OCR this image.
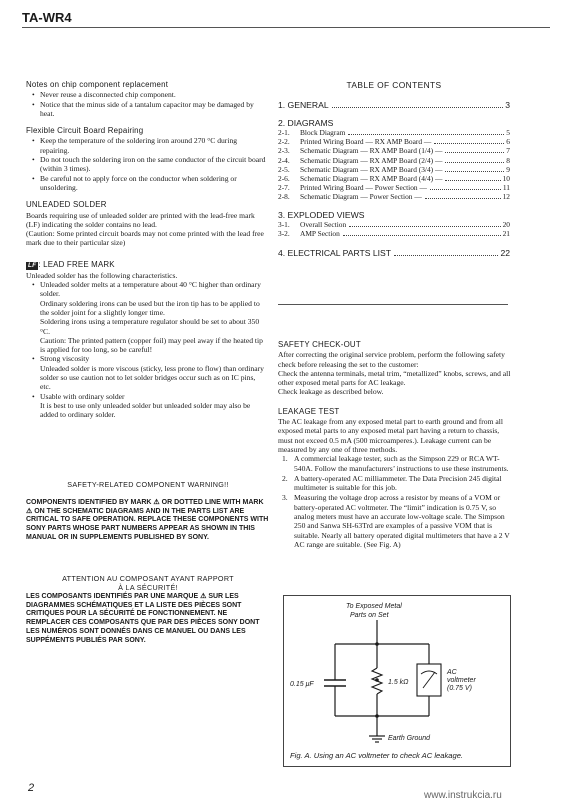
TA-WR4
Notes on chip component replacement
• Never reuse a disconnected chip component.
• Notice that the minus side of a tantalum capacitor may be damaged by heat.
Flexible Circuit Board Repairing
• Keep the temperature of the soldering iron around 270 °C during repairing.
• Do not touch the soldering iron on the same conductor of the circuit board (within 3 times).
• Be careful not to apply force on the conductor when soldering or unsoldering.
UNLEADED SOLDER

Boards requiring use of unleaded solder are printed with the lead-free mark (LF) indicating the solder contains no lead.

(Caution: Some printed circuit boards may not come printed with the lead free mark due to their particular size)

LF : LEAD FREE MARK

Unleaded solder has the following characteristics.

• Unleaded solder melts at a temperature about 40 °C higher than ordinary solder.
Ordinary soldering irons can be used but the iron tip has to be applied to the solder joint for a slightly longer time.
Soldering irons using a temperature regulator should be set to about 350 °C.
Caution: The printed pattern (copper foil) may peel away if the heated tip is applied for too long, so be careful!
• Strong viscosity
Unleaded solder is more viscous (sticky, less prone to flow) than ordinary solder so use caution not to let solder bridges occur such as on IC pins, etc.
• Usable with ordinary solder
It is best to use only unleaded solder but unleaded solder may also be added to ordinary solder.
SAFETY-RELATED COMPONENT WARNING!!
COMPONENTS IDENTIFIED BY MARK ⚠ OR DOTTED LINE WITH MARK ⚠ ON THE SCHEMATIC DIAGRAMS AND IN THE PARTS LIST ARE CRITICAL TO SAFE OPERATION. REPLACE THESE COMPONENTS WITH SONY PARTS WHOSE PART NUMBERS APPEAR AS SHOWN IN THIS MANUAL OR IN SUPPLEMENTS PUBLISHED BY SONY.
ATTENTION AU COMPOSANT AYANT RAPPORT
À LA SÉCURITÉ!
LES COMPOSANTS IDENTIFIÉS PAR UNE MARQUE ⚠ SUR LES DIAGRAMMES SCHÉMATIQUES ET LA LISTE DES PIÈCES SONT CRITIQUES POUR LA SÉCURITÉ DE FONCTIONNEMENT. NE REMPLACER CES COMPOSANTS QUE PAR DES PIÈCES SONY DONT LES NUMÉROS SONT DONNÉS DANS CE MANUEL OU DANS LES SUPPÉMENTS PUBLIÉS PAR SONY.
TABLE OF CONTENTS
1. GENERAL	3
2. DIAGRAMS
2-1.	Block Diagram	5
2-2.	Printed Wiring Board — RX AMP Board —	6
2-3.	Schematic Diagram — RX AMP Board (1/4) —	7
2-4.	Schematic Diagram — RX AMP Board (2/4) —	8
2-5.	Schematic Diagram — RX AMP Board (3/4) —	9
2-6.	Schematic Diagram — RX AMP Board (4/4) —	10
2-7.	Printed Wiring Board — Power Section —	11
2-8.	Schematic Diagram — Power Section —	12
3. EXPLODED VIEWS
3-1.	Overall Section	20
3-2.	AMP Section	21
4. ELECTRICAL PARTS LIST	22
SAFETY CHECK-OUT

After correcting the original service problem, perform the following safety check before releasing the set to the customer:

Check the antenna terminals, metal trim, “metallized” knobs, screws, and all other exposed metal parts for AC leakage.

Check leakage as described below.

LEAKAGE TEST

The AC leakage from any exposed metal part to earth ground and from all exposed metal parts to any exposed metal part having a return to chassis, must not exceed 0.5 mA (500 microamperes.). Leakage current can be measured by any one of three methods.

1. A commercial leakage tester, such as the Simpson 229 or RCA WT-540A. Follow the manufacturers’ instructions to use these instruments.
2. A battery-operated AC milliammeter. The Data Precision 245 digital multimeter is suitable for this job.
3. Measuring the voltage drop across a resistor by means of a VOM or battery-operated AC voltmeter. The “limit” indication is 0.75 V, so analog meters must have an accurate low-voltage scale. The Simpson 250 and Sanwa SH-63Trd are examples of a passive VOM that is suitable. Nearly all battery operated digital multimeters that have a 2 V AC range are suitable. (See Fig. A)
To Exposed Metal
Parts on Set
0.15 μF	1.5 kΩ
AC
voltmeter
(0.75 V)
Earth Ground
Fig. A. Using an AC voltmeter to check AC leakage.
2
www.instrukcia.ru
